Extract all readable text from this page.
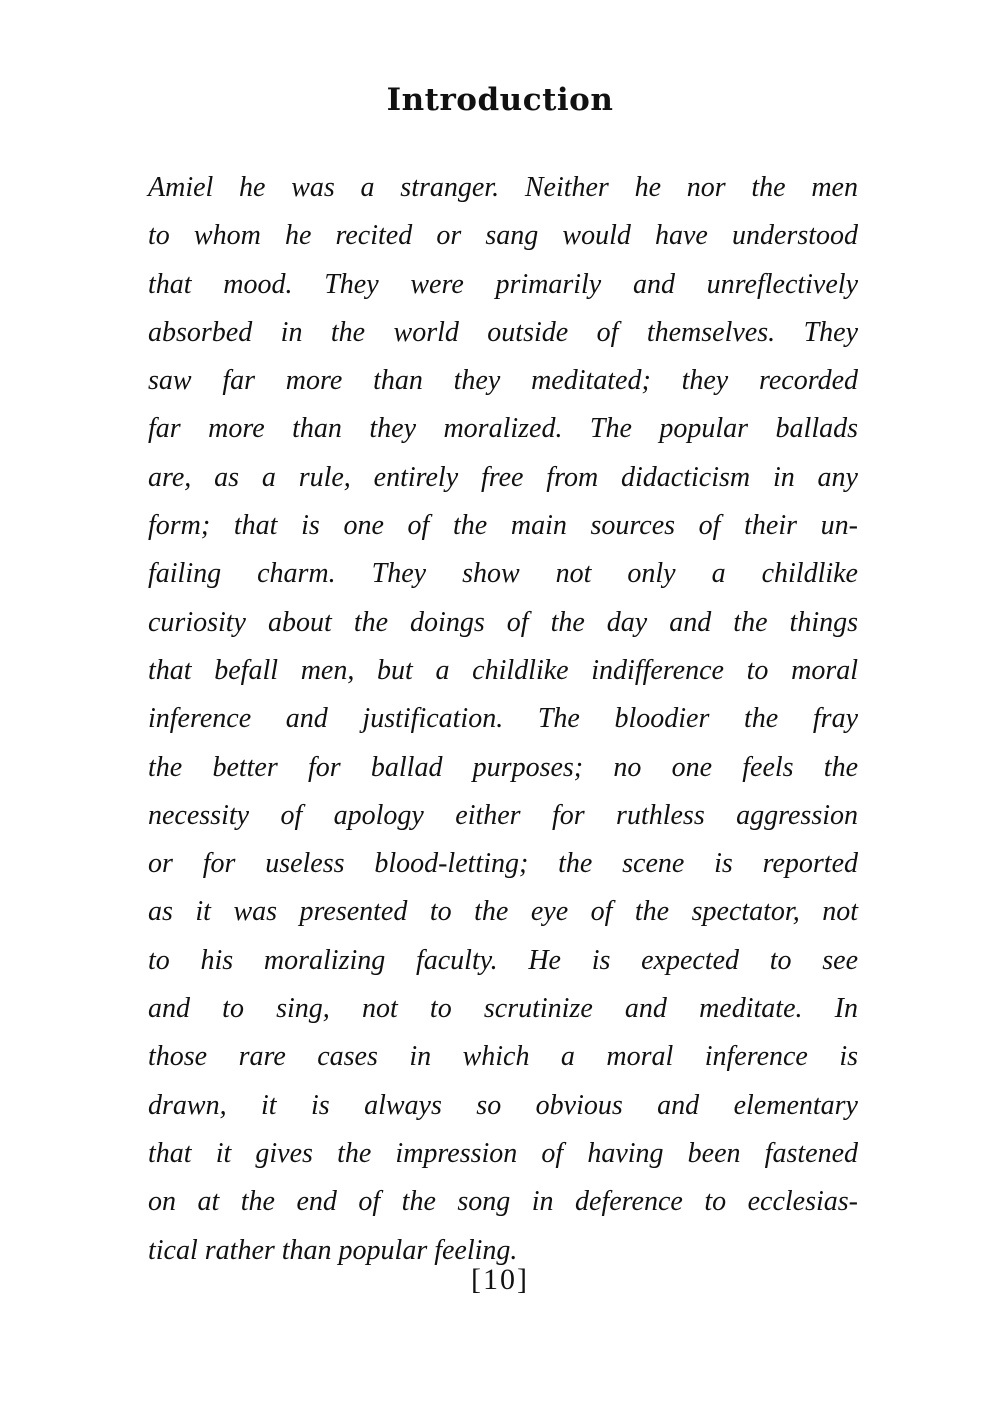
Introduction
Amiel he was a stranger. Neither he nor the men
to whom he recited or sang would have understood
that mood. They were primarily and unreflectively
absorbed in the world outside of themselves. They
saw far more than they meditated; they recorded
far more than they moralized. The popular ballads
are, as a rule, entirely free from didacticism in any
form; that is one of the main sources of their un-
failing charm. They show not only a childlike
curiosity about the doings of the day and the things
that befall men, but a childlike indifference to moral
inference and justification. The bloodier the fray
the better for ballad purposes; no one feels the
necessity of apology either for ruthless aggression
or for useless blood-letting; the scene is reported
as it was presented to the eye of the spectator, not
to his moralizing faculty. He is expected to see
and to sing, not to scrutinize and meditate. In
those rare cases in which a moral inference is
drawn, it is always so obvious and elementary
that it gives the impression of having been fastened
on at the end of the song in deference to ecclesias-
tical rather than popular feeling.
[10]
